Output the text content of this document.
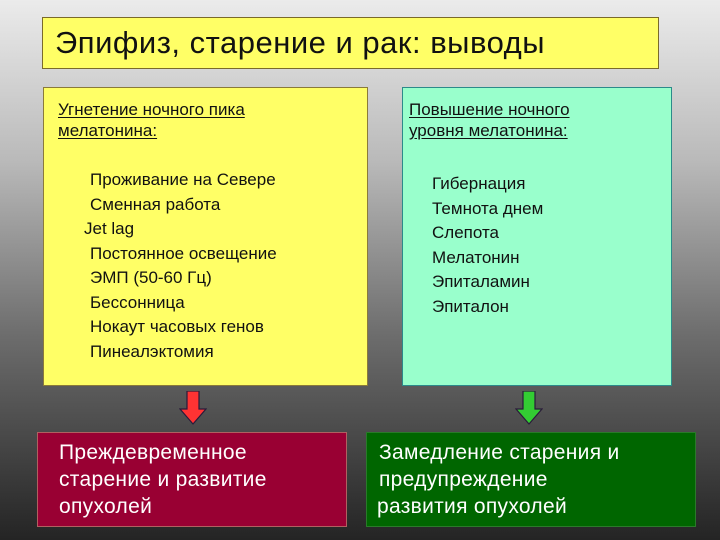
Эпифиз, старение и рак: выводы
Угнетение ночного пика
мелатонина:
Проживание на Севере
Сменная работа
Jet lag
Постоянное освещение
ЭМП (50-60 Гц)
Бессонница
Нокаут часовых генов
Пинеалэктомия
Повышение ночного
уровня мелатонина:
Гибернация
Темнота днем
Слепота
Мелатонин
Эпиталамин
Эпиталон
Преждевременное
старение и развитие
опухолей
Замедление старения и
предупреждение
развития опухолей
